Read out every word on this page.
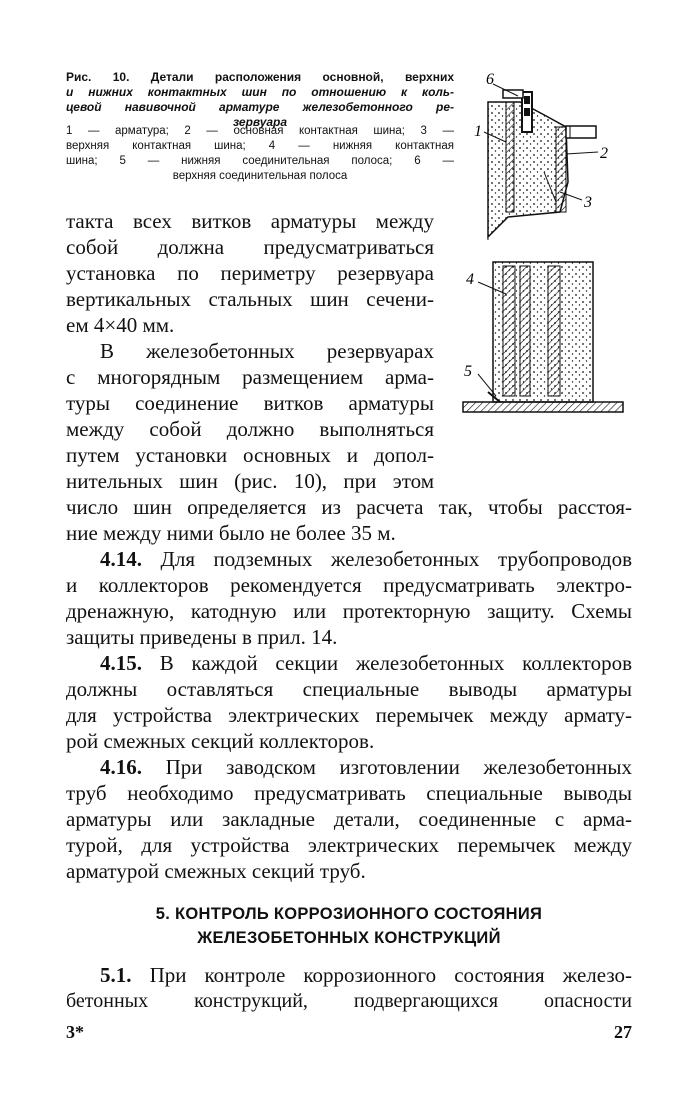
Рис. 10. Детали расположения основной, верхних
и нижних контактных шин по отношению к коль-
цевой навивочной арматуре железобетонного ре-
зервуара
1 — арматура; 2 — основная контактная шина; 3 —
верхняя контактная шина; 4 — нижняя контактная
шина; 5 — нижняя соединительная полоса; 6 —
верхняя соединительная полоса
6
1
2
3
4
5
такта всех витков арматуры между
собой должна предусматриваться
установка по периметру резервуара
вертикальных стальных шин сечени-
ем 4×40 мм.
В железобетонных резервуарах
с многорядным размещением арма-
туры соединение витков арматуры
между собой должно выполняться
путем установки основных и допол-
нительных шин (рис. 10), при этом
число шин определяется из расчета так, чтобы расстоя-
ние между ними было не более 35 м.
4.14. Для подземных железобетонных трубопроводов
и коллекторов рекомендуется предусматривать электро-
дренажную, катодную или протекторную защиту. Схемы
защиты приведены в прил. 14.
4.15. В каждой секции железобетонных коллекторов
должны оставляться специальные выводы арматуры
для устройства электрических перемычек между армату-
рой смежных секций коллекторов.
4.16. При заводском изготовлении железобетонных
труб необходимо предусматривать специальные выводы
арматуры или закладные детали, соединенные с арма-
турой, для устройства электрических перемычек между
арматурой смежных секций труб.
5. КОНТРОЛЬ КОРРОЗИОННОГО СОСТОЯНИЯ
ЖЕЛЕЗОБЕТОННЫХ КОНСТРУКЦИЙ
5.1. При контроле коррозионного состояния железо-
3*	27
бетонных конструкций, подвергающихся опасности
